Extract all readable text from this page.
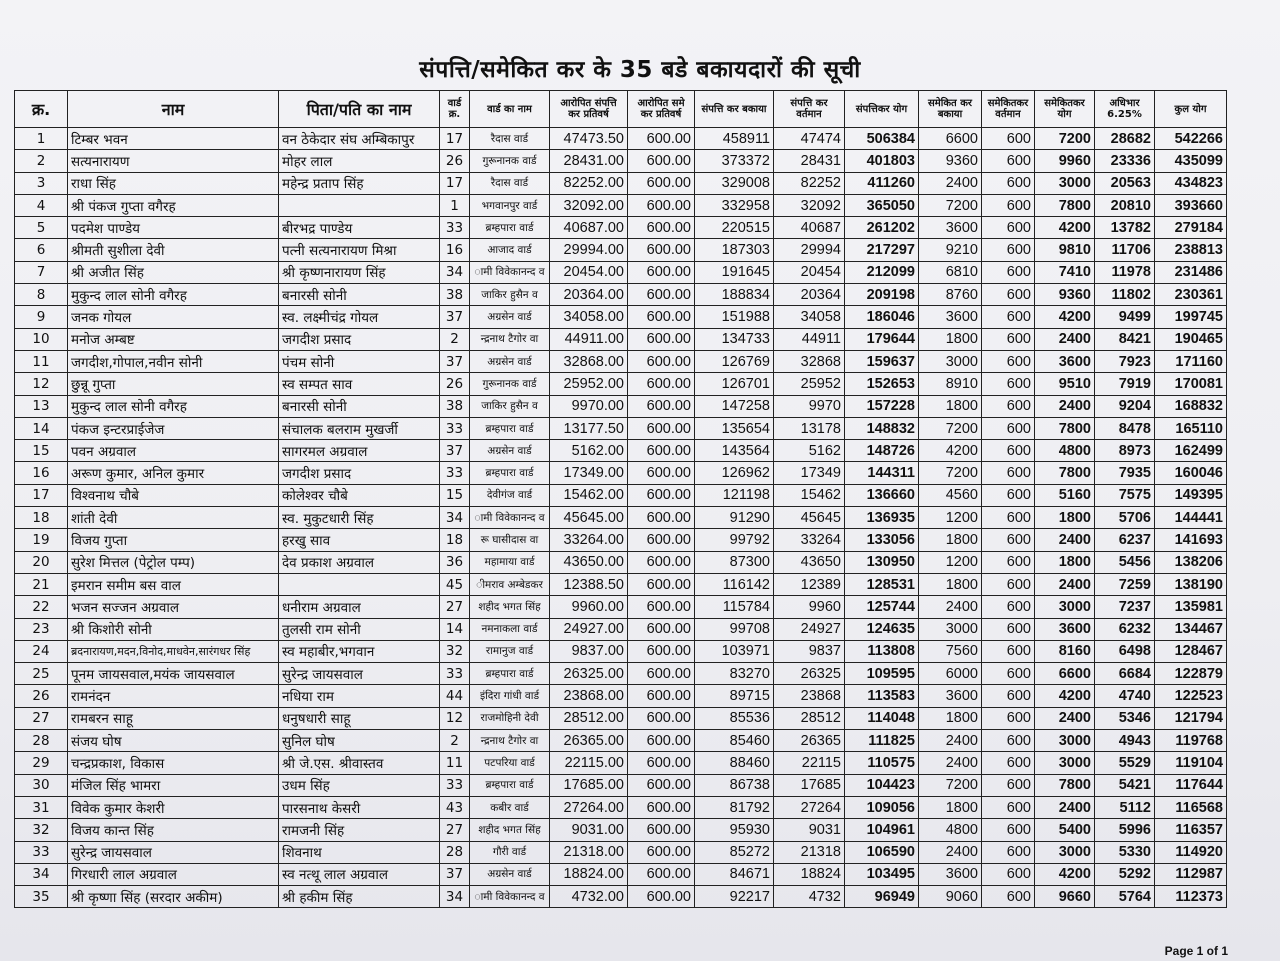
संपत्ति/समेकित कर के 35 बडे बकायदारों की सूची
क्र.	नाम	पिता/पति का नाम	वार्ड क्र.	वार्ड का नाम	आरोपित संपत्ति कर प्रतिवर्ष	आरोपित समे कर प्रतिवर्ष	संपत्ति कर बकाया	संपत्ति कर वर्तमान	संपत्तिकर योग	समेकित कर बकाया	समेकितकर वर्तमान	समेकितकर योग	अधिभार 6.25%	कुल योग
1	टिम्बर भवन	वन ठेकेदार संघ अम्बिकापुर	17	रैदास वार्ड	47473.50	600.00	458911	47474	506384	6600	600	7200	28682	542266
2	सत्यनारायण	मोहर लाल	26	गुरूनानक वार्ड	28431.00	600.00	373372	28431	401803	9360	600	9960	23336	435099
3	राधा सिंह	महेन्द्र प्रताप सिंह	17	रैदास वार्ड	82252.00	600.00	329008	82252	411260	2400	600	3000	20563	434823
4	श्री पंकज गुप्ता वगैरह		1	भगवानपुर वार्ड	32092.00	600.00	332958	32092	365050	7200	600	7800	20810	393660
5	पदमेश पाण्डेय	बीरभद्र पाण्डेय	33	ब्रम्हपारा वार्ड	40687.00	600.00	220515	40687	261202	3600	600	4200	13782	279184
6	श्रीमती सुशीला देवी	पत्नी सत्यनारायण मिश्रा	16	आजाद वार्ड	29994.00	600.00	187303	29994	217297	9210	600	9810	11706	238813
7	श्री अजीत सिंह	श्री कृष्णनारायण सिंह	34	ामी विवेकानन्द व	20454.00	600.00	191645	20454	212099	6810	600	7410	11978	231486
8	मुकुन्द लाल सोनी वगैरह	बनारसी सोनी	38	जाकिर हुसैन व	20364.00	600.00	188834	20364	209198	8760	600	9360	11802	230361
9	जनक गोयल	स्व. लक्ष्मीचंद्र गोयल	37	अग्रसेन वार्ड	34058.00	600.00	151988	34058	186046	3600	600	4200	9499	199745
10	मनोज अम्बष्ट	जगदीश प्रसाद	2	न्द्रनाथ टैगोर वा	44911.00	600.00	134733	44911	179644	1800	600	2400	8421	190465
11	जगदीश,गोपाल,नवीन सोनी	पंचम सोनी	37	अग्रसेन वार्ड	32868.00	600.00	126769	32868	159637	3000	600	3600	7923	171160
12	छुन्नू गुप्ता	स्व सम्पत साव	26	गुरूनानक वार्ड	25952.00	600.00	126701	25952	152653	8910	600	9510	7919	170081
13	मुकुन्द लाल सोनी वगैरह	बनारसी सोनी	38	जाकिर हुसैन व	9970.00	600.00	147258	9970	157228	1800	600	2400	9204	168832
14	पंकज इन्टरप्राईजेज	संचालक बलराम मुखर्जी	33	ब्रम्हपारा वार्ड	13177.50	600.00	135654	13178	148832	7200	600	7800	8478	165110
15	पवन अग्रवाल	सागरमल अग्रवाल	37	अग्रसेन वार्ड	5162.00	600.00	143564	5162	148726	4200	600	4800	8973	162499
16	अरूण कुमार, अनिल कुमार	जगदीश प्रसाद	33	ब्रम्हपारा वार्ड	17349.00	600.00	126962	17349	144311	7200	600	7800	7935	160046
17	विश्वनाथ चौबे	कोलेश्वर चौबे	15	देवीगंज वार्ड	15462.00	600.00	121198	15462	136660	4560	600	5160	7575	149395
18	शांती देवी	स्व. मुकुटधारी सिंह	34	ामी विवेकानन्द व	45645.00	600.00	91290	45645	136935	1200	600	1800	5706	144441
19	विजय गुप्ता	हरखु साव	18	रू घासीदास वा	33264.00	600.00	99792	33264	133056	1800	600	2400	6237	141693
20	सुरेश मित्तल (पेट्रोल पम्प)	देव प्रकाश अग्रवाल	36	महामाया वार्ड	43650.00	600.00	87300	43650	130950	1200	600	1800	5456	138206
21	इमरान समीम बस वाल		45	ीमराव अम्बेडकर	12388.50	600.00	116142	12389	128531	1800	600	2400	7259	138190
22	भजन सज्जन अग्रवाल	धनीराम अग्रवाल	27	शहीद भगत सिंह	9960.00	600.00	115784	9960	125744	2400	600	3000	7237	135981
23	श्री किशोरी सोनी	तुलसी राम सोनी	14	नमनाकला वार्ड	24927.00	600.00	99708	24927	124635	3000	600	3600	6232	134467
24	ब्रदनारायण,मदन,विनोद,माधवेन,सारंगधर सिंह	स्व महाबीर,भगवान	32	रामानुज वार्ड	9837.00	600.00	103971	9837	113808	7560	600	8160	6498	128467
25	पूनम जायसवाल,मयंक जायसवाल	सुरेन्द्र जायसवाल	33	ब्रम्हपारा वार्ड	26325.00	600.00	83270	26325	109595	6000	600	6600	6684	122879
26	रामनंदन	नधिया राम	44	इंदिरा गांधी वार्ड	23868.00	600.00	89715	23868	113583	3600	600	4200	4740	122523
27	रामबरन साहू	धनुषधारी साहू	12	राजमोहिनी देवी	28512.00	600.00	85536	28512	114048	1800	600	2400	5346	121794
28	संजय घोष	सुनिल घोष	2	न्द्रनाथ टैगोर वा	26365.00	600.00	85460	26365	111825	2400	600	3000	4943	119768
29	चन्द्रप्रकाश, विकास	श्री जे.एस. श्रीवास्तव	11	पटपरिया वार्ड	22115.00	600.00	88460	22115	110575	2400	600	3000	5529	119104
30	मंजिल सिंह भामरा	उधम सिंह	33	ब्रम्हपारा वार्ड	17685.00	600.00	86738	17685	104423	7200	600	7800	5421	117644
31	विवेक कुमार केशरी	पारसनाथ केसरी	43	कबीर वार्ड	27264.00	600.00	81792	27264	109056	1800	600	2400	5112	116568
32	विजय कान्त सिंह	रामजनी सिंह	27	शहीद भगत सिंह	9031.00	600.00	95930	9031	104961	4800	600	5400	5996	116357
33	सुरेन्द्र जायसवाल	शिवनाथ	28	गौरी वार्ड	21318.00	600.00	85272	21318	106590	2400	600	3000	5330	114920
34	गिरधारी लाल अग्रवाल	स्व नत्थू लाल अग्रवाल	37	अग्रसेन वार्ड	18824.00	600.00	84671	18824	103495	3600	600	4200	5292	112987
35	श्री कृष्णा सिंह (सरदार अकीम)	श्री हकीम सिंह	34	ामी विवेकानन्द व	4732.00	600.00	92217	4732	96949	9060	600	9660	5764	112373
Page 1 of 1
